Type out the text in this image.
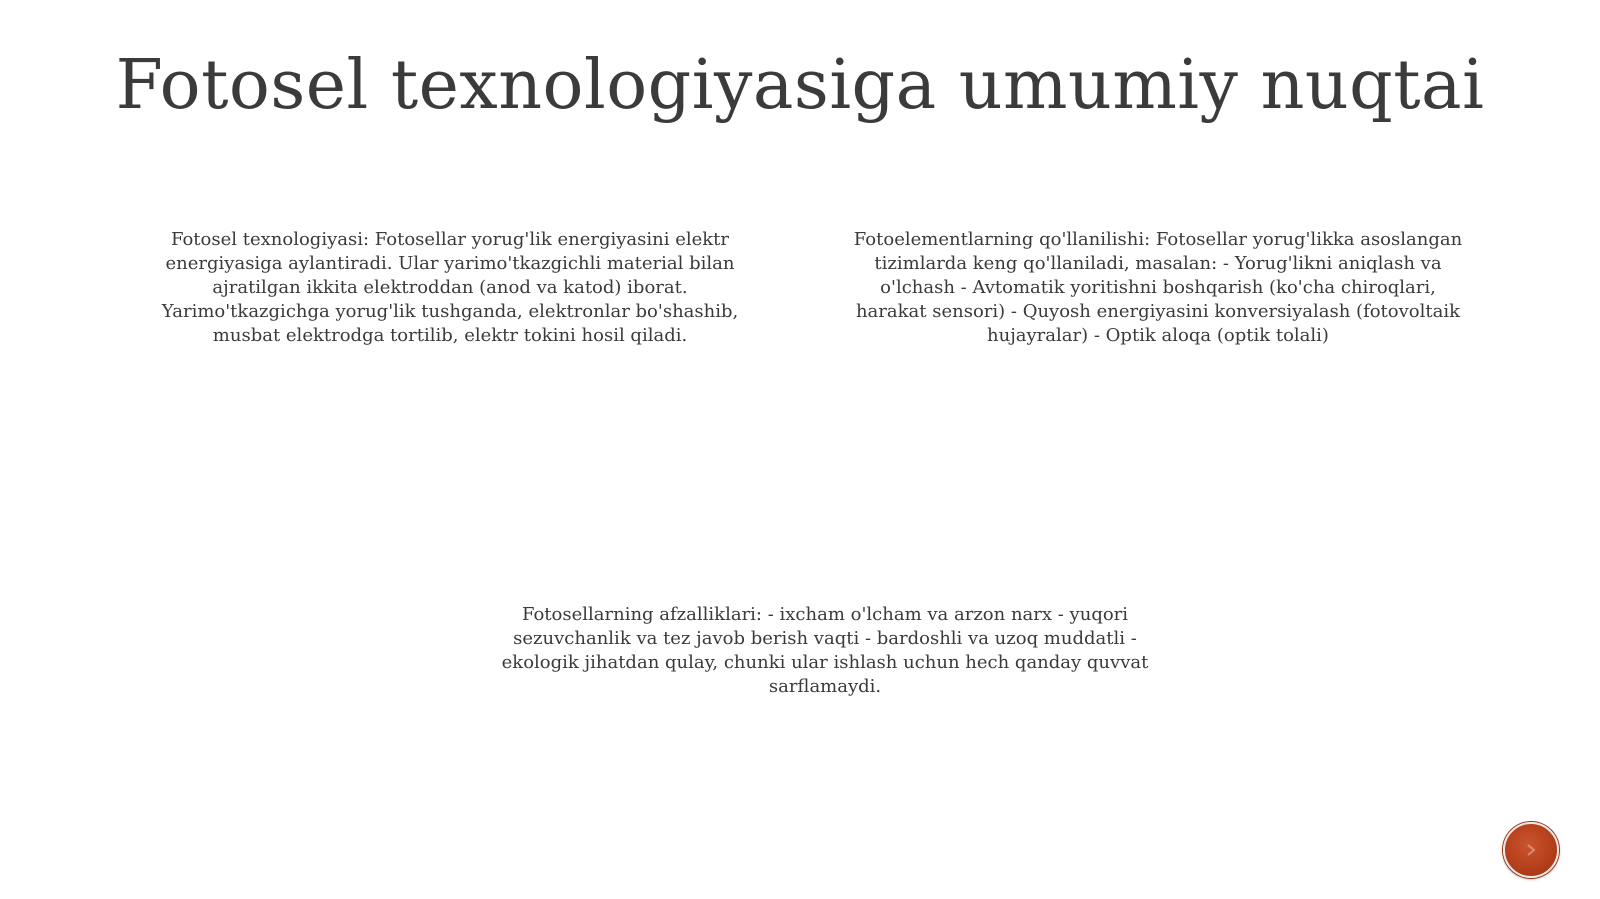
Fotosel texnologiyasiga umumiy nuqtai

Fotosel texnologiyasi: Fotosellar yorug'lik energiyasini elektr energiyasiga aylantiradi. Ular yarimo'tkazgichli material bilan ajratilgan ikkita elektroddan (anod va katod) iborat. Yarimo'tkazgichga yorug'lik tushganda, elektronlar bo'shashib, musbat elektrodga tortilib, elektr tokini hosil qiladi.

Fotoelementlarning qo'llanilishi: Fotosellar yorug'likka asoslangan tizimlarda keng qo'llaniladi, masalan: - Yorug'likni aniqlash va o'lchash - Avtomatik yoritishni boshqarish (ko'cha chiroqlari, harakat sensori) - Quyosh energiyasini konversiyalash (fotovoltaik hujayralar) - Optik aloqa (optik tolali)

Fotosellarning afzalliklari: - ixcham o'lcham va arzon narx - yuqori sezuvchanlik va tez javob berish vaqti - bardoshli va uzoq muddatli - ekologik jihatdan qulay, chunki ular ishlash uchun hech qanday quvvat sarflamaydi.
